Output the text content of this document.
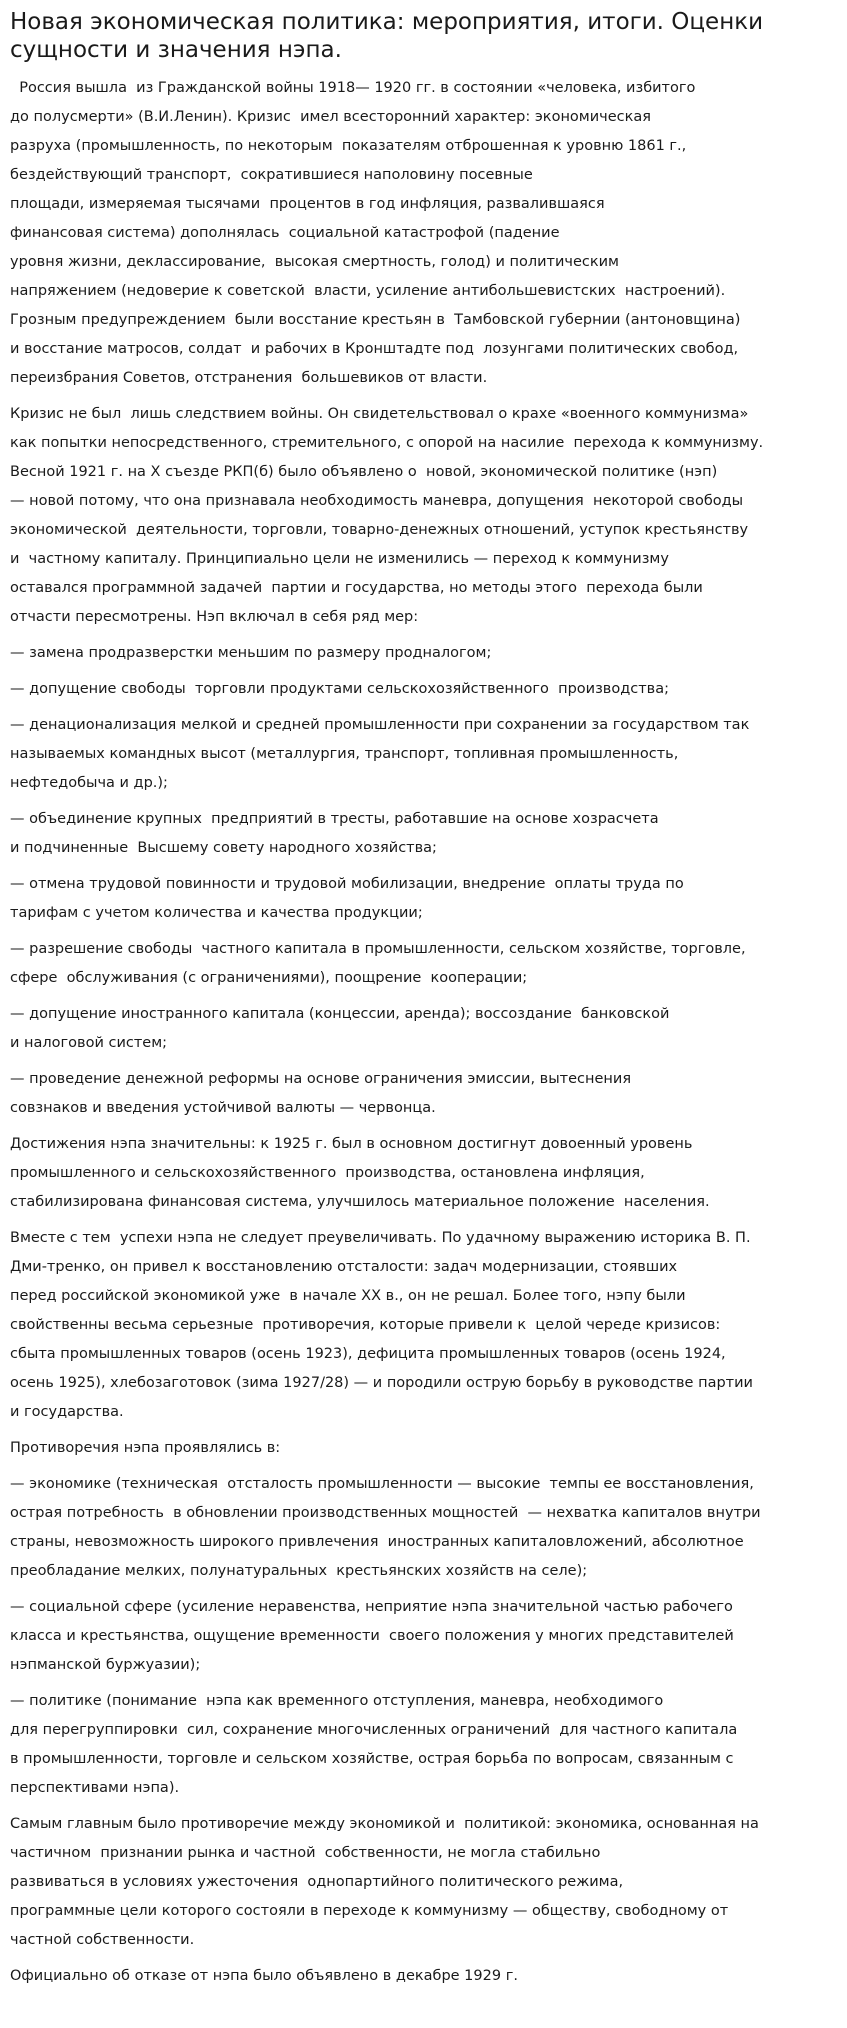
Новая экономическая политика: мероприятия, итоги. Оценки
сущности и значения нэпа.

Россия вышла  из Гражданской войны 1918— 1920 гг. в состоянии «человека, избитого
до полусмерти» (В.И.Ленин). Кризис  имел всесторонний характер: экономическая
разруха (промышленность, по некоторым  показателям отброшенная к уровню 1861 г.,
бездействующий транспорт,  сократившиеся наполовину посевные
площади, измеряемая тысячами  процентов в год инфляция, развалившаяся
финансовая система) дополнялась  социальной катастрофой (падение
уровня жизни, деклассирование,  высокая смертность, голод) и политическим
напряжением (недоверие к советской  власти, усиление антибольшевистских  настроений).
Грозным предупреждением  были восстание крестьян в  Тамбовской губернии (антоновщина)
и восстание матросов, солдат  и рабочих в Кронштадте под  лозунгами политических свобод,
переизбрания Советов, отстранения  большевиков от власти.

Кризис не был  лишь следствием войны. Он свидетельствовал о крахе «военного коммунизма»
как попытки непосредственного, стремительного, с опорой на насилие  перехода к коммунизму.
Весной 1921 г. на X съезде РКП(б) было объявлено о  новой, экономической политике (нэп)
— новой потому, что она признавала необходимость маневра, допущения  некоторой свободы
экономической  деятельности, торговли, товарно-денежных отношений, уступок крестьянству
и  частному капиталу. Принципиально цели не изменились — переход к коммунизму
оставался программной задачей  партии и государства, но методы этого  перехода были
отчасти пересмотрены. Нэп включал в себя ряд мер:

— замена продразверстки меньшим по размеру продналогом;

— допущение свободы  торговли продуктами сельскохозяйственного  производства;

— денационализация мелкой и средней промышленности при сохранении за государством так
называемых командных высот (металлургия, транспорт, топливная промышленность,
нефтедобыча и др.);

— объединение крупных  предприятий в тресты, работавшие на основе хозрасчета
и подчиненные  Высшему совету народного хозяйства;

— отмена трудовой повинности и трудовой мобилизации, внедрение  оплаты труда по
тарифам с учетом количества и качества продукции;

— разрешение свободы  частного капитала в промышленности, сельском хозяйстве, торговле,
сфере  обслуживания (с ограничениями), поощрение  кооперации;

— допущение иностранного капитала (концессии, аренда); воссоздание  банковской
и налоговой систем;

— проведение денежной реформы на основе ограничения эмиссии, вытеснения
совзнаков и введения устойчивой валюты — червонца.

Достижения нэпа значительны: к 1925 г. был в основном достигнут довоенный уровень
промышленного и сельскохозяйственного  производства, остановлена инфляция,
стабилизирована финансовая система, улучшилось материальное положение  населения.

Вместе с тем  успехи нэпа не следует преувеличивать. По удачному выражению историка В. П.
Дми-тренко, он привел к восстановлению отсталости: задач модернизации, стоявших
перед российской экономикой уже  в начале XX в., он не решал. Более того, нэпу были
свойственны весьма серьезные  противоречия, которые привели к  целой череде кризисов:
сбыта промышленных товаров (осень 1923), дефицита промышленных товаров (осень 1924,
осень 1925), хлебозаготовок (зима 1927/28) — и породили острую борьбу в руководстве партии
и государства.

Противоречия нэпа проявлялись в:

— экономике (техническая  отсталость промышленности — высокие  темпы ее восстановления,
острая потребность  в обновлении производственных мощностей  — нехватка капиталов внутри
страны, невозможность широкого привлечения  иностранных капиталовложений, абсолютное
преобладание мелких, полунатуральных  крестьянских хозяйств на селе);

— социальной сфере (усиление неравенства, неприятие нэпа значительной частью рабочего
класса и крестьянства, ощущение временности  своего положения у многих представителей
нэпманской буржуазии);

— политике (понимание  нэпа как временного отступления, маневра, необходимого
для перегруппировки  сил, сохранение многочисленных ограничений  для частного капитала
в промышленности, торговле и сельском хозяйстве, острая борьба по вопросам, связанным с
перспективами нэпа).

Самым главным было противоречие между экономикой и  политикой: экономика, основанная на
частичном  признании рынка и частной  собственности, не могла стабильно
развиваться в условиях ужесточения  однопартийного политического режима,
программные цели которого состояли в переходе к коммунизму — обществу, свободному от
частной собственности.

Официально об отказе от нэпа было объявлено в декабре 1929 г.
